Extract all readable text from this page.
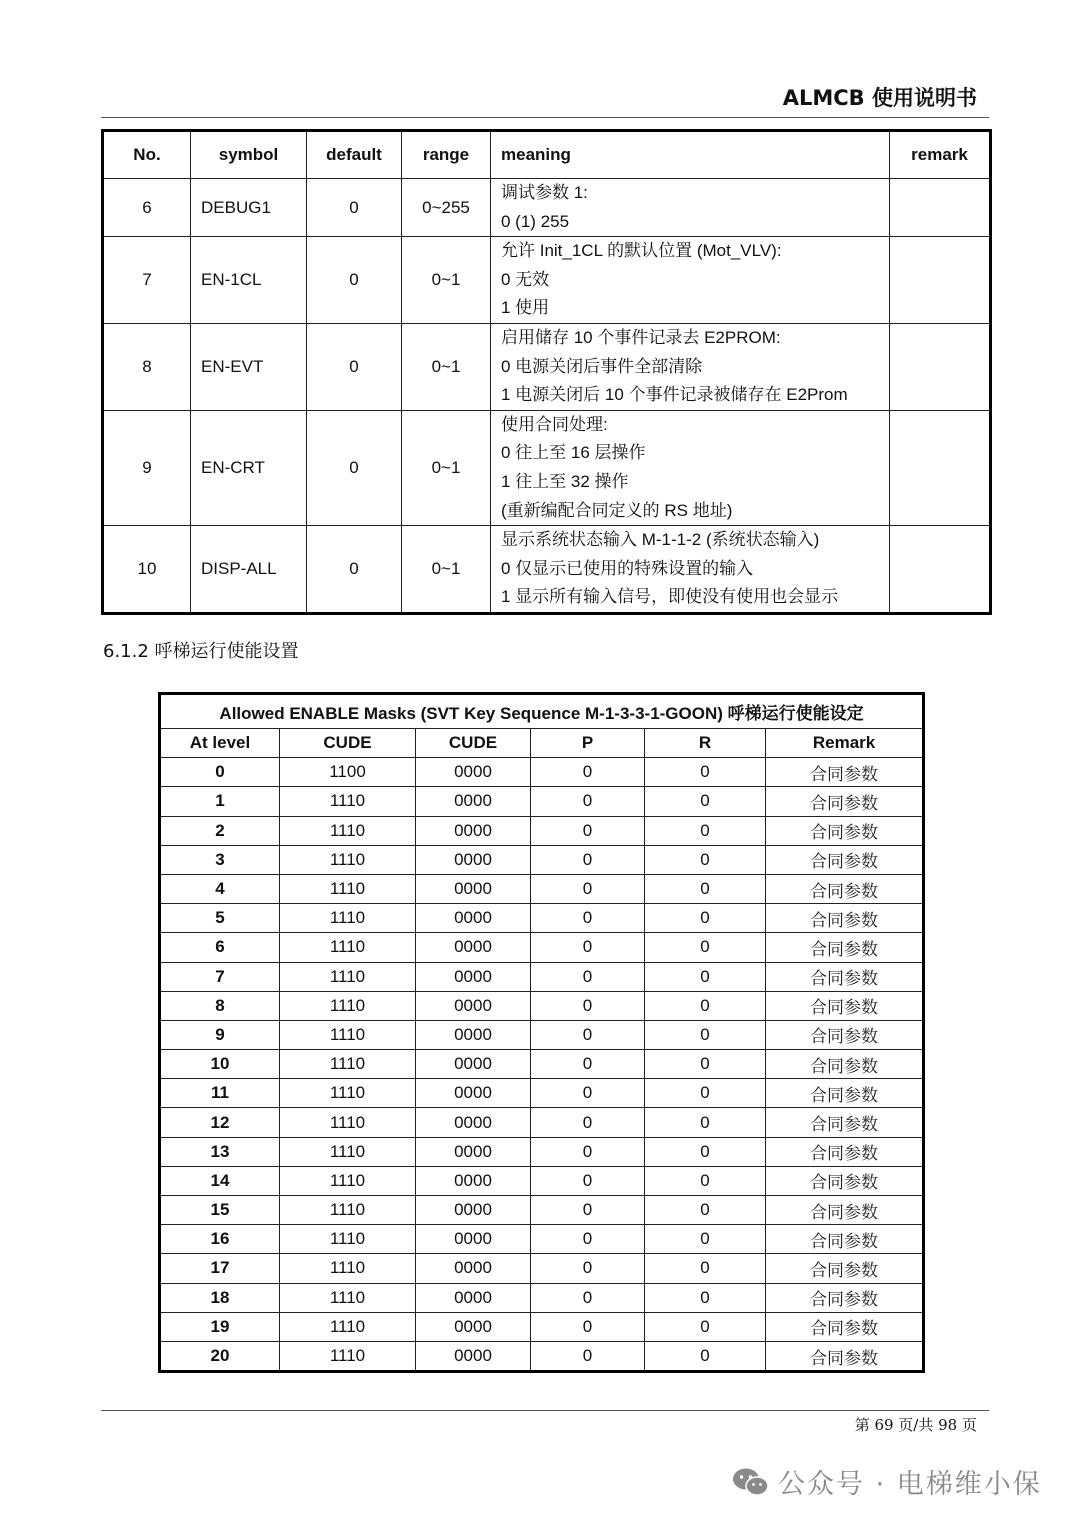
ALMCB 使用说明书
No.	symbol	default	range	meaning	remark
6	DEBUG1	0	0~255	调试参数 1:
0 (1) 255	

7	EN-1CL	0	0~1	允许 Init_1CL 的默认位置 (Mot_VLV):
0 无效
1 使用	

8	EN-EVT	0	0~1	启用储存 10 个事件记录去 E2PROM:
0 电源关闭后事件全部清除
1 电源关闭后 10 个事件记录被储存在 E2Prom	

9	EN-CRT	0	0~1	使用合同处理:
0 往上至 16 层操作
1 往上至 32 操作
(重新编配合同定义的 RS 地址)	

10	DISP-ALL	0	0~1	显示系统状态输入 M-1-1-2 (系统状态输入)
0 仅显示已使用的特殊设置的输入
1 显示所有输入信号，即使没有使用也会显示	

6.1.2 呼梯运行使能设置
Allowed ENABLE Masks (SVT Key Sequence M-1-3-3-1-GOON) 呼梯运行使能设定					
At level	CUDE	CUDE	P	R	Remark
0	1100	0000	0	0	合同参数
1	1110	0000	0	0	合同参数
2	1110	0000	0	0	合同参数
3	1110	0000	0	0	合同参数
4	1110	0000	0	0	合同参数
5	1110	0000	0	0	合同参数
6	1110	0000	0	0	合同参数
7	1110	0000	0	0	合同参数
8	1110	0000	0	0	合同参数
9	1110	0000	0	0	合同参数
10	1110	0000	0	0	合同参数
11	1110	0000	0	0	合同参数
12	1110	0000	0	0	合同参数
13	1110	0000	0	0	合同参数
14	1110	0000	0	0	合同参数
15	1110	0000	0	0	合同参数
16	1110	0000	0	0	合同参数
17	1110	0000	0	0	合同参数
18	1110	0000	0	0	合同参数
19	1110	0000	0	0	合同参数
20	1110	0000	0	0	合同参数
第 69 页/共 98 页
公众号 · 电梯维小保
